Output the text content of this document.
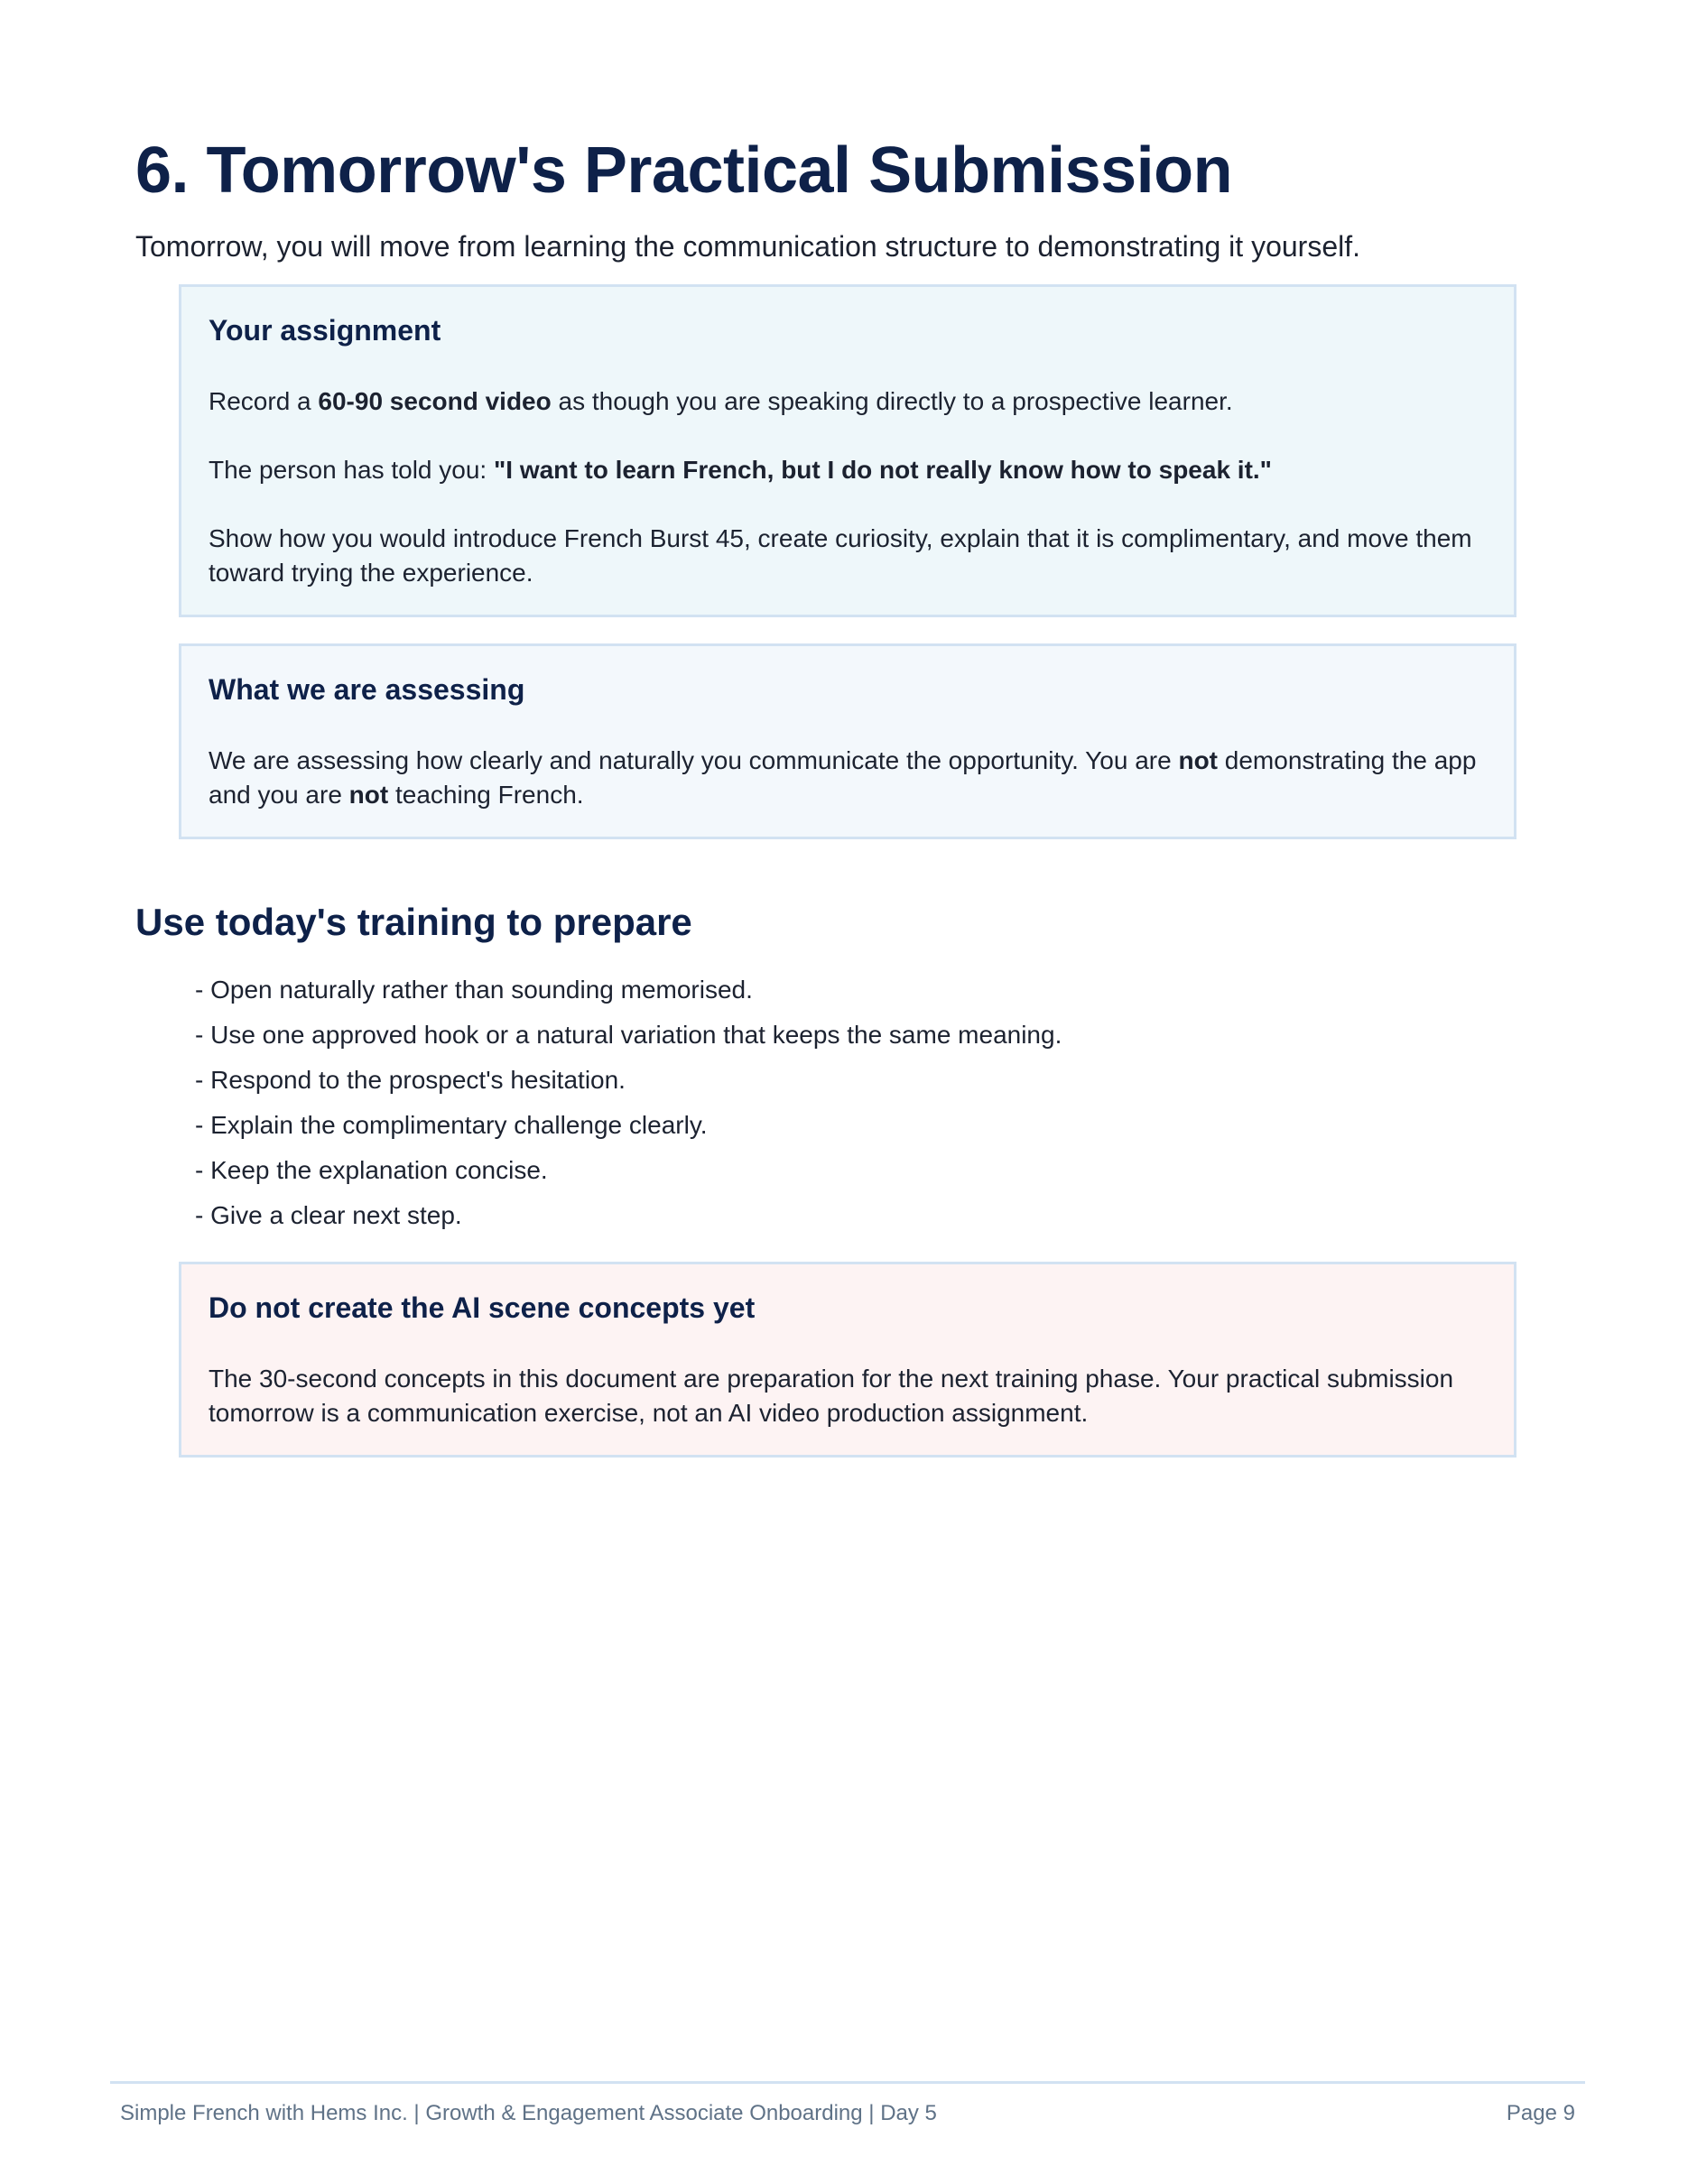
6. Tomorrow's Practical Submission

Tomorrow, you will move from learning the communication structure to demonstrating it yourself.

Your assignment

Record a 60-90 second video as though you are speaking directly to a prospective learner.

The person has told you: "I want to learn French, but I do not really know how to speak it."

Show how you would introduce French Burst 45, create curiosity, explain that it is complimentary, and move them toward trying the experience.

What we are assessing

We are assessing how clearly and naturally you communicate the opportunity. You are not demonstrating the app and you are not teaching French.

Use today's training to prepare
- Open naturally rather than sounding memorised.
- Use one approved hook or a natural variation that keeps the same meaning.
- Respond to the prospect's hesitation.
- Explain the complimentary challenge clearly.
- Keep the explanation concise.
- Give a clear next step.
Do not create the AI scene concepts yet

The 30-second concepts in this document are preparation for the next training phase. Your practical submission tomorrow is a communication exercise, not an AI video production assignment.

Simple French with Hems Inc. | Growth & Engagement Associate Onboarding | Day 5	Page 9
